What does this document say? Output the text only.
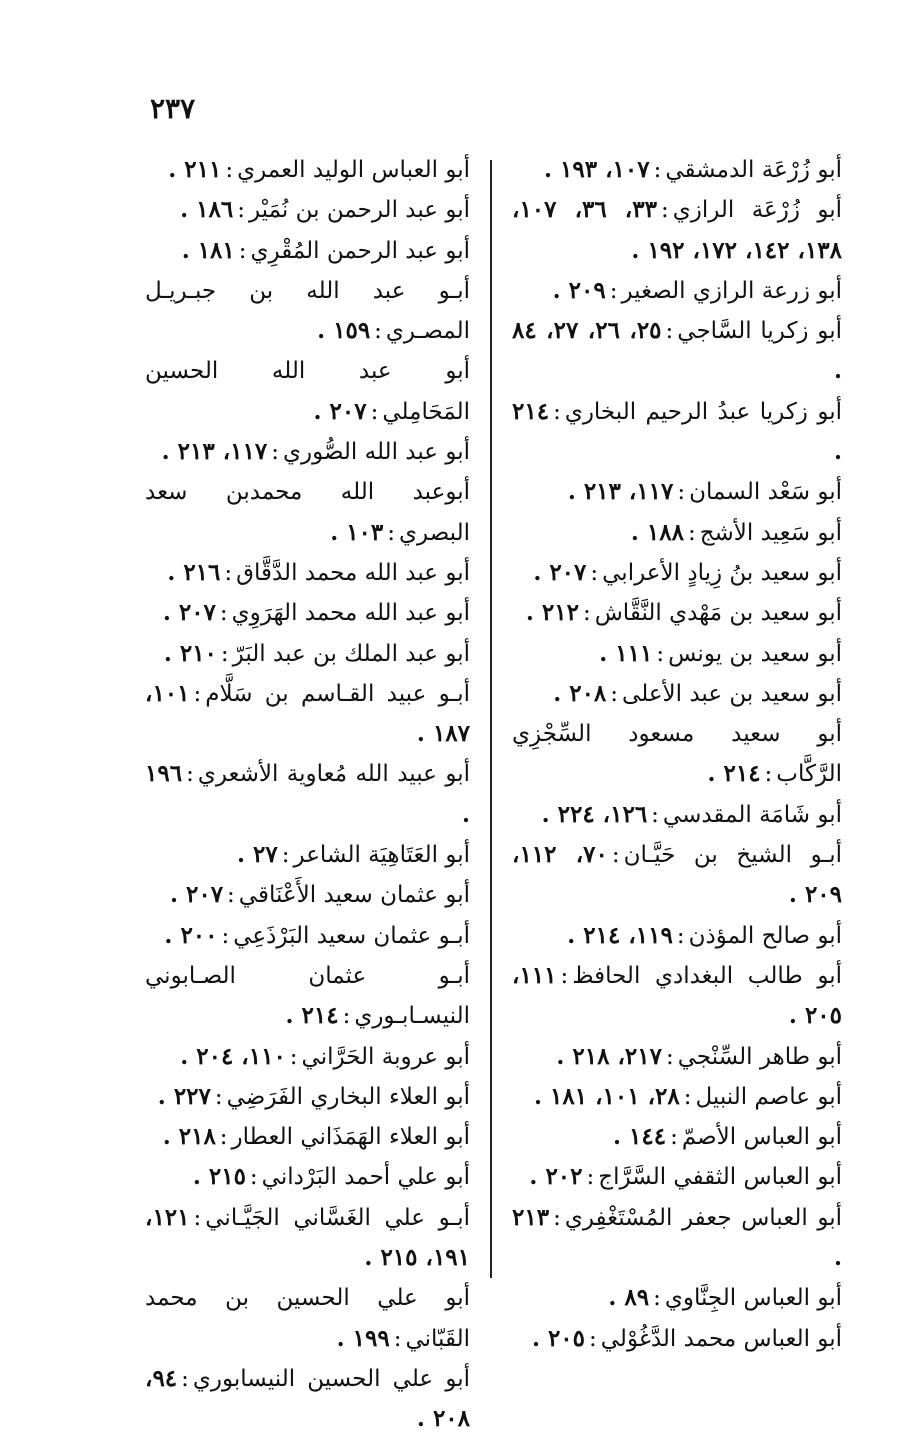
٢٣٧
أبو زُرْعَة الدمشقي:١٠٧، ١٩٣ .
أبو زُرْعَة الرازي:٣٣، ٣٦، ١٠٧، ١٣٨، ١٤٢، ١٧٢، ١٩٢ .
أبو زرعة الرازي الصغير:٢٠٩ .
أبو زكريا السَّاجي:٢٥، ٢٦، ٢٧، ٨٤ .
أبو زكريا عبدُ الرحيم البخاري:٢١٤ .
أبو سَعْد السمان:١١٧، ٢١٣ .
أبو سَعِيد الأشج:١٨٨ .
أبو سعيد بنُ زِيادٍ الأعرابي:٢٠٧ .
أبو سعيد بن مَهْدي النَّقَّاش:٢١٢ .
أبو سعيد بن يونس:١١١ .
أبو سعيد بن عبد الأعلى:٢٠٨ .
أبو سعيد مسعود السِّجْزِي الرَّكَّاب:٢١٤ .
أبو شَامَة المقدسي:١٢٦، ٢٢٤ .
أبـو الشيخ بن حَيَّـان:٧٠، ١١٢، ٢٠٩ .
أبو صالح المؤذن:١١٩، ٢١٤ .
أبو طالب البغدادي الحافظ:١١١، ٢٠٥ .
أبو طاهر السِّنْجي:٢١٧، ٢١٨ .
أبو عاصم النبيل:٢٨، ١٠١، ١٨١ .
أبو العباس الأصمّ:١٤٤ .
أبو العباس الثقفي السَّرَّاج:٢٠٢ .
أبو العباس جعفر المُسْتَغْفِري:٢١٣ .
أبو العباس الجِنَّاوي:٨٩ .
أبو العباس محمد الدَّغُوْلي:٢٠٥ .
أبو العباس الوليد العمري:٢١١ .
أبو عبد الرحمن بن نُمَيْر:١٨٦ .
أبو عبد الرحمن المُقْرِي:١٨١ .
أبـو عبد الله بن جبـريـل المصـري:١٥٩ .
أبو عبد الله الحسين المَحَامِلي:٢٠٧ .
أبو عبد الله الصُّوري:١١٧، ٢١٣ .
أبوعبد الله محمدبن سعد البصري:١٠٣ .
أبو عبد الله محمد الدَّقَّاق:٢١٦ .
أبو عبد الله محمد الهَرَوِي:٢٠٧ .
أبو عبد الملك بن عبد البَرّ:٢١٠ .
أبـو عبيد القـاسم بن سَلَّام:١٠١، ١٨٧ .
أبو عبيد الله مُعاوية الأشعري:١٩٦ .
أبو العَتَاهِيَة الشاعر:٢٧ .
أبو عثمان سعيد الأَعْنَاقي:٢٠٧ .
أبـو عثمان سعيد البَرْذَعِي:٢٠٠ .
أبـو عثمان الصـابوني النيسـابـوري:٢١٤ .
أبو عروبة الحَرَّاني:١١٠، ٢٠٤ .
أبو العلاء البخاري الفَرَضِي:٢٢٧ .
أبو العلاء الهَمَذَاني العطار:٢١٨ .
أبو علي أحمد البَرْداني:٢١٥ .
أبـو علي الغَسَّاني الجَيَّـاني:١٢١، ١٩١، ٢١٥ .
أبو علي الحسين بن محمد القَبّاني:١٩٩ .
أبو علي الحسين النيسابوري:٩٤، ٢٠٨ .
